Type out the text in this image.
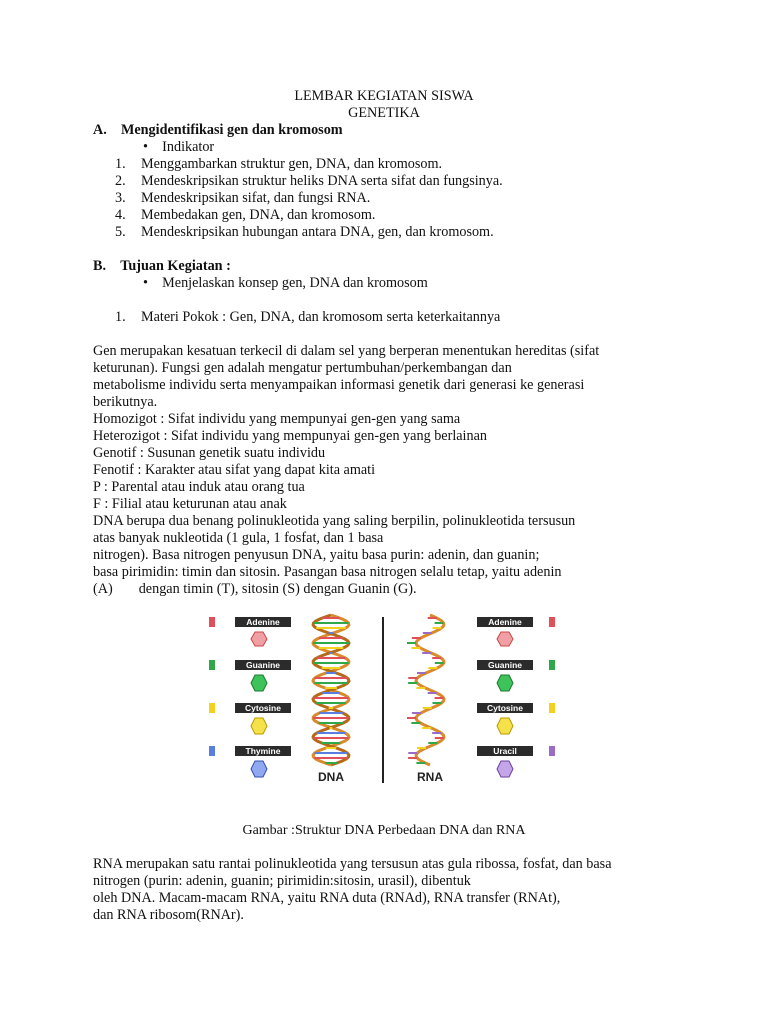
LEMBAR KEGIATAN SISWA
GENETIKA
A. Mengidentifikasi gen dan kromosom
•    Indikator
1. Menggambarkan struktur gen, DNA, dan kromosom.
2. Mendeskripsikan struktur heliks DNA serta sifat dan fungsinya.
3. Mendeskripsikan sifat, dan fungsi RNA.
4. Membedakan gen, DNA, dan kromosom.
5. Mendeskripsikan hubungan antara DNA, gen, dan kromosom.
B. Tujuan Kegiatan :
•    Menjelaskan konsep gen, DNA dan kromosom
1. Materi Pokok : Gen, DNA, dan kromosom serta keterkaitannya
Gen merupakan kesatuan terkecil di dalam sel yang berperan menentukan hereditas (sifat
keturunan). Fungsi gen adalah mengatur pertumbuhan/perkembangan dan
metabolisme individu serta menyampaikan informasi genetik dari generasi ke generasi
berikutnya.
Homozigot : Sifat individu yang mempunyai gen-gen yang sama
Heterozigot : Sifat individu yang mempunyai gen-gen yang berlainan
Genotif : Susunan genetik suatu individu
Fenotif : Karakter atau sifat yang dapat kita amati
P : Parental atau induk atau orang tua
F : Filial atau keturunan atau anak
DNA berupa dua benang polinukleotida yang saling berpilin, polinukleotida tersusun
atas banyak nukleotida (1 gula, 1 fosfat, dan 1 basa
nitrogen). Basa nitrogen penyusun DNA, yaitu basa purin: adenin, dan guanin;
basa pirimidin: timin dan sitosin. Pasangan basa nitrogen selalu tetap, yaitu adenin
(A) dengan timin (T), sitosin (S) dengan Guanin (G).
Adenine
Guanine
Cytosine
Thymine
DNA	RNA
Adenine
Guanine
Cytosine
Uracil
Gambar :Struktur DNA Perbedaan DNA dan RNA
RNA merupakan satu rantai polinukleotida yang tersusun atas gula ribossa, fosfat, dan basa
nitrogen (purin: adenin, guanin; pirimidin:sitosin, urasil), dibentuk
oleh DNA. Macam-macam RNA, yaitu RNA duta (RNAd), RNA transfer (RNAt),
dan RNA ribosom(RNAr).
